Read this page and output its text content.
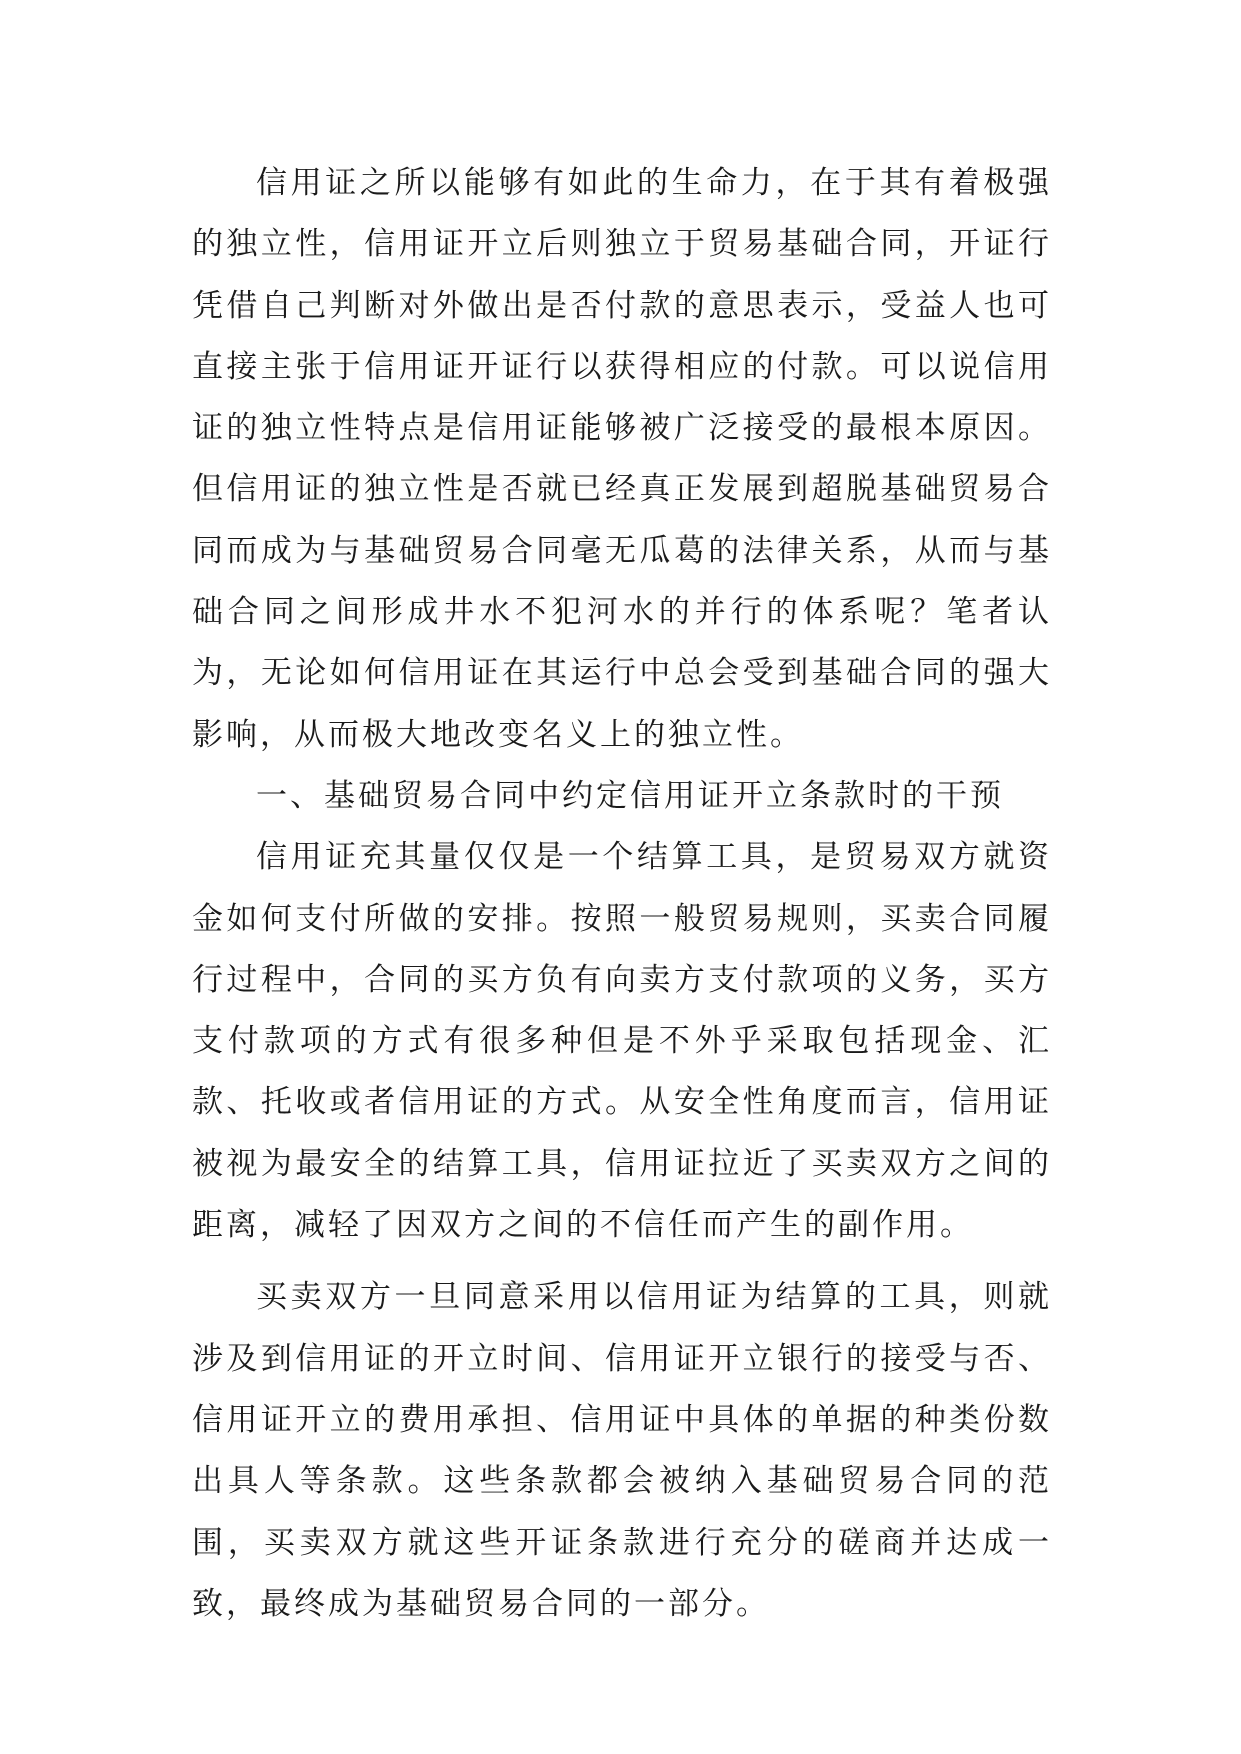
信用证之所以能够有如此的生命力，在于其有着极强的独立性，信用证开立后则独立于贸易基础合同，开证行凭借自己判断对外做出是否付款的意思表示，受益人也可直接主张于信用证开证行以获得相应的付款。可以说信用证的独立性特点是信用证能够被广泛接受的最根本原因。但信用证的独立性是否就已经真正发展到超脱基础贸易合同而成为与基础贸易合同毫无瓜葛的法律关系，从而与基础合同之间形成井水不犯河水的并行的体系呢？笔者认为，无论如何信用证在其运行中总会受到基础合同的强大影响，从而极大地改变名义上的独立性。

一、基础贸易合同中约定信用证开立条款时的干预

信用证充其量仅仅是一个结算工具，是贸易双方就资金如何支付所做的安排。按照一般贸易规则，买卖合同履行过程中，合同的买方负有向卖方支付款项的义务，买方支付款项的方式有很多种但是不外乎采取包括现金、汇款、托收或者信用证的方式。从安全性角度而言，信用证被视为最安全的结算工具，信用证拉近了买卖双方之间的距离，减轻了因双方之间的不信任而产生的副作用。

买卖双方一旦同意采用以信用证为结算的工具，则就涉及到信用证的开立时间、信用证开立银行的接受与否、信用证开立的费用承担、信用证中具体的单据的种类份数出具人等条款。这些条款都会被纳入基础贸易合同的范围，买卖双方就这些开证条款进行充分的磋商并达成一致，最终成为基础贸易合同的一部分。
